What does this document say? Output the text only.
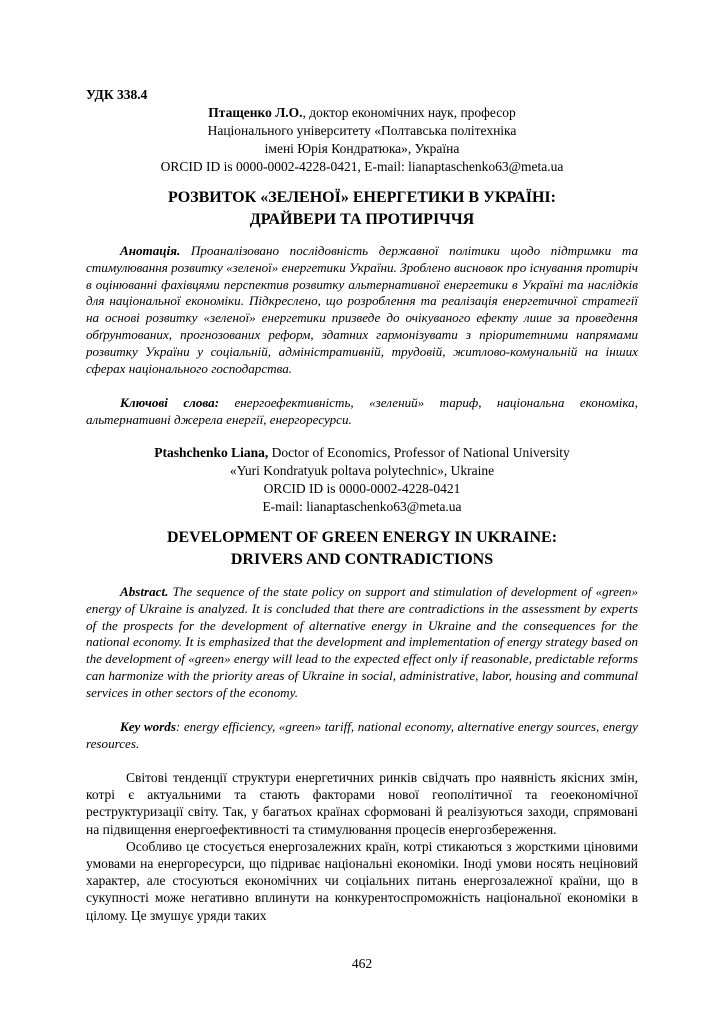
УДК 338.4
Птащенко Л.О., доктор економічних наук, професор
Національного університету «Полтавська політехніка
імені Юрія Кондратюка», Україна
ORCID ID is 0000-0002-4228-0421, E-mail: lianaptaschenko63@meta.ua
РОЗВИТОК «ЗЕЛЕНОЇ» ЕНЕРГЕТИКИ В УКРАЇНІ:
ДРАЙВЕРИ ТА ПРОТИРІЧЧЯ
Анотація. Проаналізовано послідовність державної політики щодо підтримки та стимулювання розвитку «зеленої» енергетики України. Зроблено висновок про існування протиріч в оцінюванні фахівцями перспектив розвитку альтернативної енергетики в Україні та наслідків для національної економіки. Підкреслено, що розроблення та реалізація енергетичної стратегії на основі розвитку «зеленої» енергетики призведе до очікуваного ефекту лише за проведення обґрунтованих, прогнозованих реформ, здатних гармонізувати з пріоритетними напрямами розвитку України у соціальній, адміністративній, трудовій, житлово-комунальній на інших сферах національного господарства.
Ключові слова: енергоефективність, «зелений» тариф, національна економіка, альтернативні джерела енергії, енергоресурси.
Ptashchenko Liana, Doctor of Economics, Professor of National University
«Yuri Kondratyuk poltava polytechnic», Ukraine
ORCID ID is 0000-0002-4228-0421
E-mail: lianaptaschenko63@meta.ua
DEVELOPMENT OF GREEN ENERGY IN UKRAINE:
DRIVERS AND CONTRADICTIONS
Abstract. The sequence of the state policy on support and stimulation of development of «green» energy of Ukraine is analyzed. It is concluded that there are contradictions in the assessment by experts of the prospects for the development of alternative energy in Ukraine and the consequences for the national economy. It is emphasized that the development and implementation of energy strategy based on the development of «green» energy will lead to the expected effect only if reasonable, predictable reforms can harmonize with the priority areas of Ukraine in social, administrative, labor, housing and communal services in other sectors of the economy.
Key words: energy efficiency, «green» tariff, national economy, alternative energy sources, energy resources.

Світові тенденції структури енергетичних ринків свідчать про наявність якісних змін, котрі є актуальними та стають факторами нової геополітичної та геоекономічної реструктуризації світу. Так, у багатьох країнах сформовані й реалізуються заходи, спрямовані на підвищення енергоефективності та стимулювання процесів енергозбереження.

Особливо це стосується енергозалежних країн, котрі стикаються з жорсткими ціновими умовами на енергоресурси, що підриває національні економіки. Іноді умови носять нецінoвий характер, але стосуються економічних чи соціальних питань енергозалежної країни, що в сукупності може негативно вплинути на конкурентоспроможність національної економіки в цілому. Це змушує уряди таких

462
